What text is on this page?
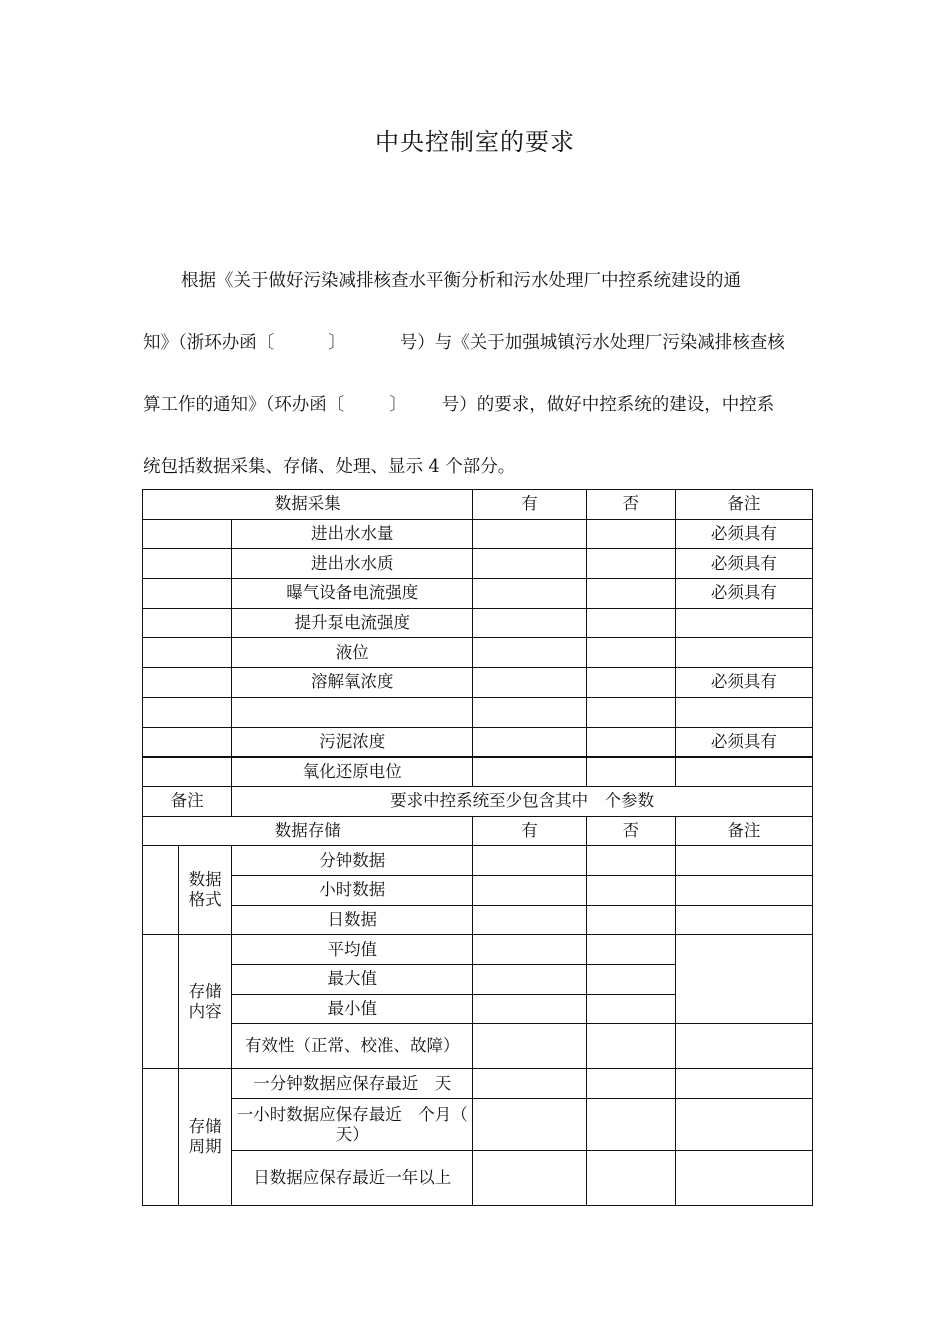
中央控制室的要求

根据《关于做好污染减排核查水平衡分析和污水处理厂中控系统建设的通

知》（浙环办函〔	〕	号）与《关于加强城镇污水处理厂污染减排核查核

算工作的通知》（环办函〔	〕 号）的要求，做好中控系统的建设，中控系

统包括数据采集、存储、处理、显示 4 个部分。

数据采集			有	否	备注
		进出水水量			必须具有
		进出水水质			必须具有
		曝气设备电流强度			必须具有
		提升泵电流强度			
		液位			
		溶解氧浓度			必须具有

		污泥浓度			必须具有
		氧化还原电位			
备注		要求中控系统至少包含其中　个参数			
数据存储			有	否	备注
	数据格式	分钟数据			
		小时数据			
		日数据			
	存储内容	平均值			
		最大值			
		最小值			
		有效性（正常、校准、故障）			
	存储周期	一分钟数据应保存最近　天			
		一小时数据应保存最近　个月（　天）			
		日数据应保存最近一年以上			
